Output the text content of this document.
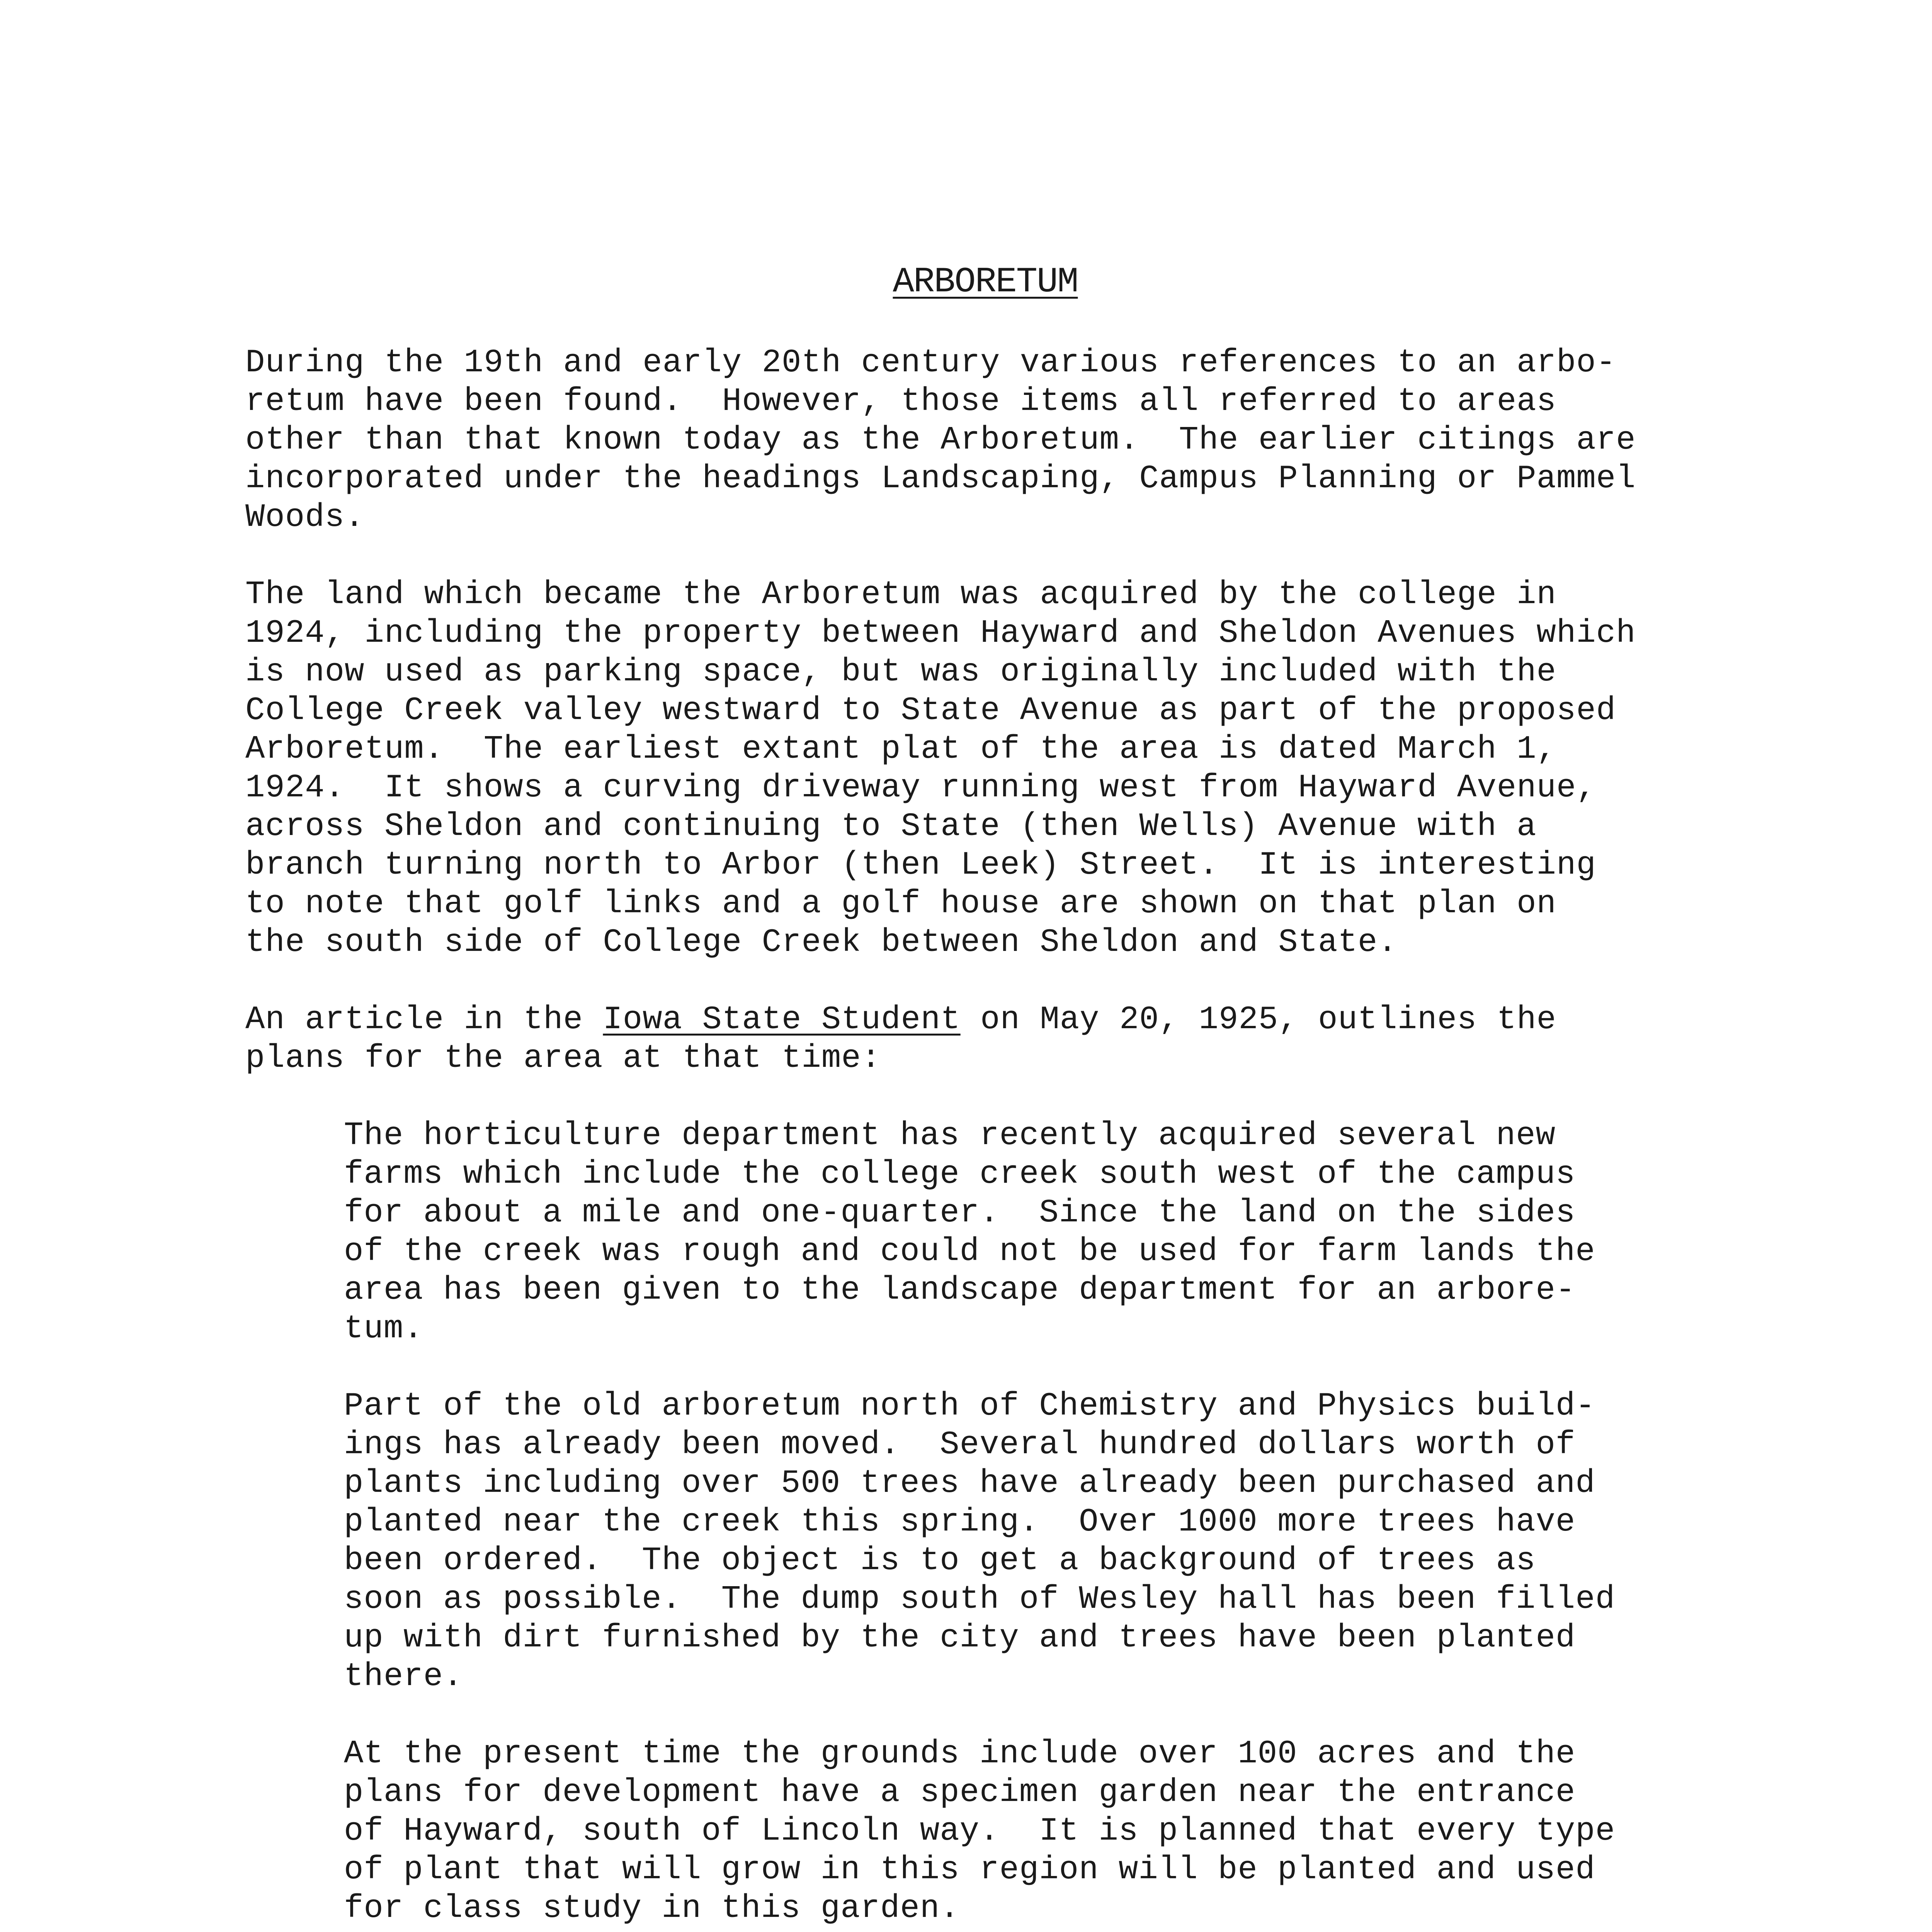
ARBORETUM
During the 19th and early 20th century various references to an arbo-
retum have been found.  However, those items all referred to areas
other than that known today as the Arboretum.  The earlier citings are
incorporated under the headings Landscaping, Campus Planning or Pammel
Woods.
The land which became the Arboretum was acquired by the college in
1924, including the property between Hayward and Sheldon Avenues which
is now used as parking space, but was originally included with the
College Creek valley westward to State Avenue as part of the proposed
Arboretum.  The earliest extant plat of the area is dated March 1,
1924.  It shows a curving driveway running west from Hayward Avenue,
across Sheldon and continuing to State (then Wells) Avenue with a
branch turning north to Arbor (then Leek) Street.  It is interesting
to note that golf links and a golf house are shown on that plan on
the south side of College Creek between Sheldon and State.
An article in the Iowa State Student on May 20, 1925, outlines the
plans for the area at that time:
The horticulture department has recently acquired several new
farms which include the college creek south west of the campus
for about a mile and one-quarter.  Since the land on the sides
of the creek was rough and could not be used for farm lands the
area has been given to the landscape department for an arbore-
tum.
Part of the old arboretum north of Chemistry and Physics build-
ings has already been moved.  Several hundred dollars worth of
plants including over 500 trees have already been purchased and
planted near the creek this spring.  Over 1000 more trees have
been ordered.  The object is to get a background of trees as
soon as possible.  The dump south of Wesley hall has been filled
up with dirt furnished by the city and trees have been planted
there.
At the present time the grounds include over 100 acres and the
plans for development have a specimen garden near the entrance
of Hayward, south of Lincoln way.  It is planned that every type
of plant that will grow in this region will be planted and used
for class study in this garden.
